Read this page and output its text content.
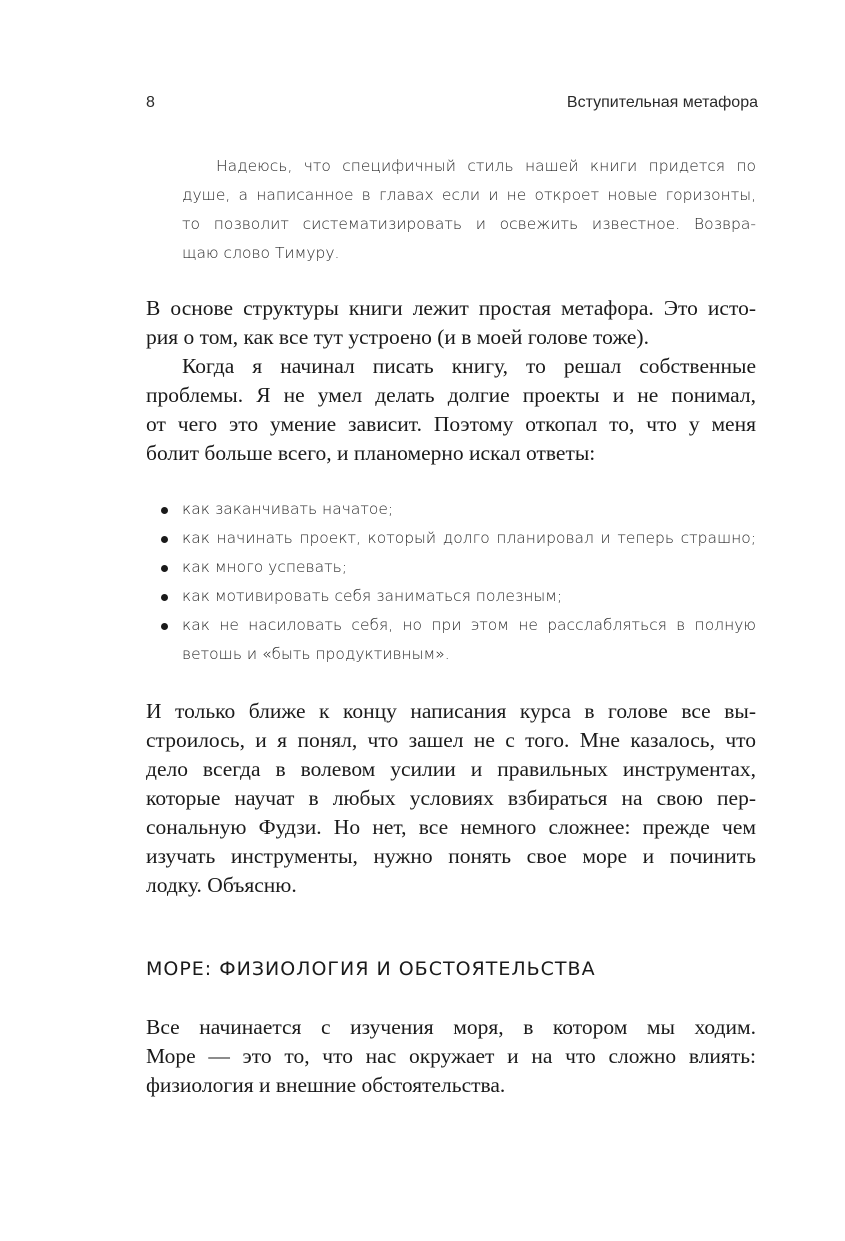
8	Вступительная метафора
Надеюсь, что специфичный стиль нашей книги придется по
душе, а написанное в главах если и не откроет новые горизонты,
то позволит систематизировать и освежить известное. Возвра-
щаю слово Тимуру.
В основе структуры книги лежит простая метафора. Это исто-
рия о том, как все тут устроено (и в моей голове тоже).
Когда я начинал писать книгу, то решал собственные
проблемы. Я не умел делать долгие проекты и не понимал,
от чего это умение зависит. Поэтому откопал то, что у меня
болит больше всего, и планомерно искал ответы:
как заканчивать начатое;
как начинать проект, который долго планировал и теперь страшно;
как много успевать;
как мотивировать себя заниматься полезным;
как не насиловать себя, но при этом не расслабляться в полную
ветошь и «быть продуктивным».
И только ближе к концу написания курса в голове все вы-
строилось, и я понял, что зашел не с того. Мне казалось, что
дело всегда в волевом усилии и правильных инструментах,
которые научат в любых условиях взбираться на свою пер-
сональную Фудзи. Но нет, все немного сложнее: прежде чем
изучать инструменты, нужно понять свое море и починить
лодку. Объясню.
МОРЕ: ФИЗИОЛОГИЯ И ОБСТОЯТЕЛЬСТВА
Все начинается с изучения моря, в котором мы ходим.
Море — это то, что нас окружает и на что сложно влиять:
физиология и внешние обстоятельства.
